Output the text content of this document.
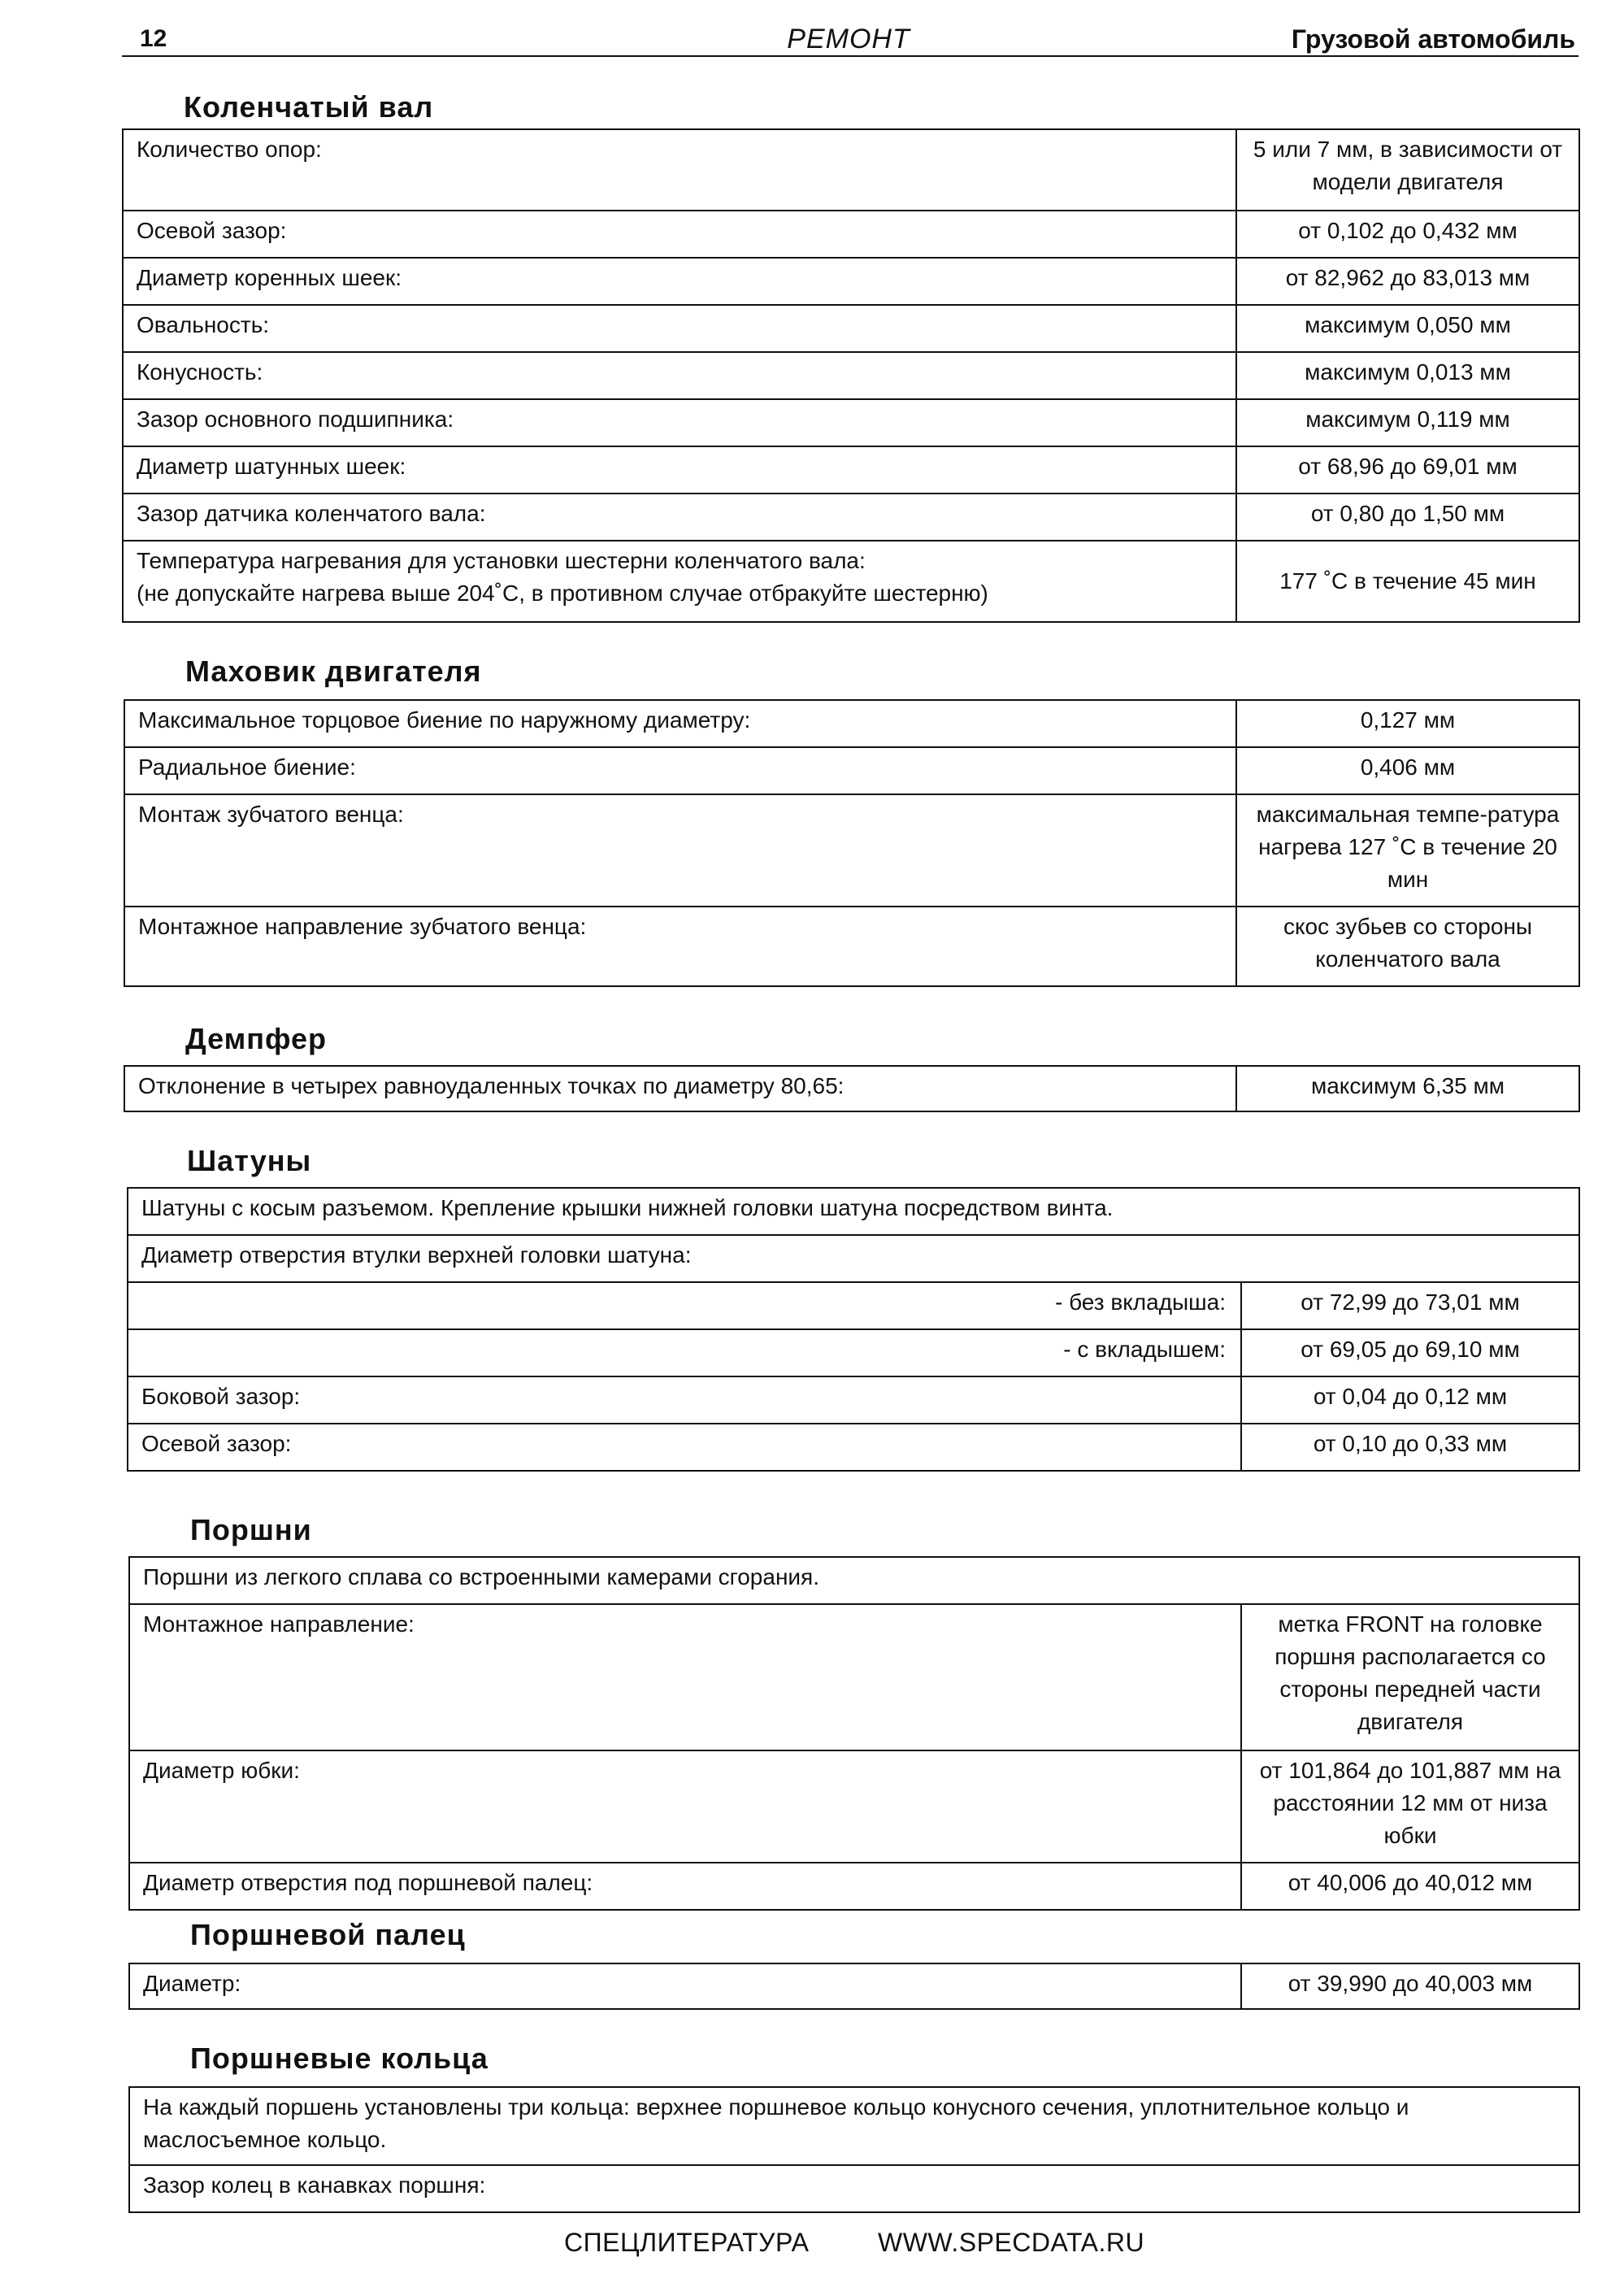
12	РЕМОНТ	Грузовой автомобиль
Коленчатый вал
Количество опор:	5 или 7 мм, в зависимости от модели двигателя
Осевой зазор:	от 0,102 до 0,432 мм
Диаметр коренных шеек:	от 82,962 до 83,013 мм
Овальность:	максимум 0,050 мм
Конусность:	максимум 0,013 мм
Зазор основного подшипника:	максимум 0,119 мм
Диаметр шатунных шеек:	от 68,96 до 69,01 мм
Зазор датчика коленчатого вала:	от 0,80 до 1,50 мм

Температура нагревания для установки шестерни коленчатого вала:
(не допускайте нагрева выше 204˚С, в противном случае отбракуйте шестерню)	177 ˚С в течение 45 мин
Маховик двигателя
Максимальное торцовое биение по наружному диаметру:	0,127 мм
Радиальное биение:	0,406 мм
Монтаж зубчатого венца:	максимальная темпе-ратура нагрева 127 ˚С в течение 20 мин
Монтажное направление зубчатого венца:	скос зубьев со стороны коленчатого вала
Демпфер
Отклонение в четырех равноудаленных точках по диаметру 80,65:	максимум 6,35 мм
Шатуны
Шатуны с косым разъемом. Крепление крышки нижней головки шатуна посредством винта.	
Диаметр отверстия втулки верхней головки шатуна:	
- без вкладыша:	от 72,99 до 73,01 мм
- с вкладышем:	от 69,05 до 69,10 мм
Боковой зазор:	от 0,04 до 0,12 мм
Осевой зазор:	от 0,10 до 0,33 мм
Поршни
Поршни из легкого сплава со встроенными камерами сгорания.	
Монтажное направление:	метка FRONT на головке поршня располагается со стороны передней части двигателя
Диаметр юбки:	от 101,864 до 101,887 мм на расстоянии 12 мм от низа юбки
Диаметр отверстия под поршневой палец:	от 40,006 до 40,012 мм
Поршневой палец
Диаметр:	от 39,990 до 40,003 мм
Поршневые кольца
На каждый поршень установлены три кольца: верхнее поршневое кольцо конусного сечения, уплотнительное кольцо и маслосъемное кольцо.
Зазор колец в канавках поршня:
СПЕЦЛИТЕРАТУРА	WWW.SPECDATA.RU
